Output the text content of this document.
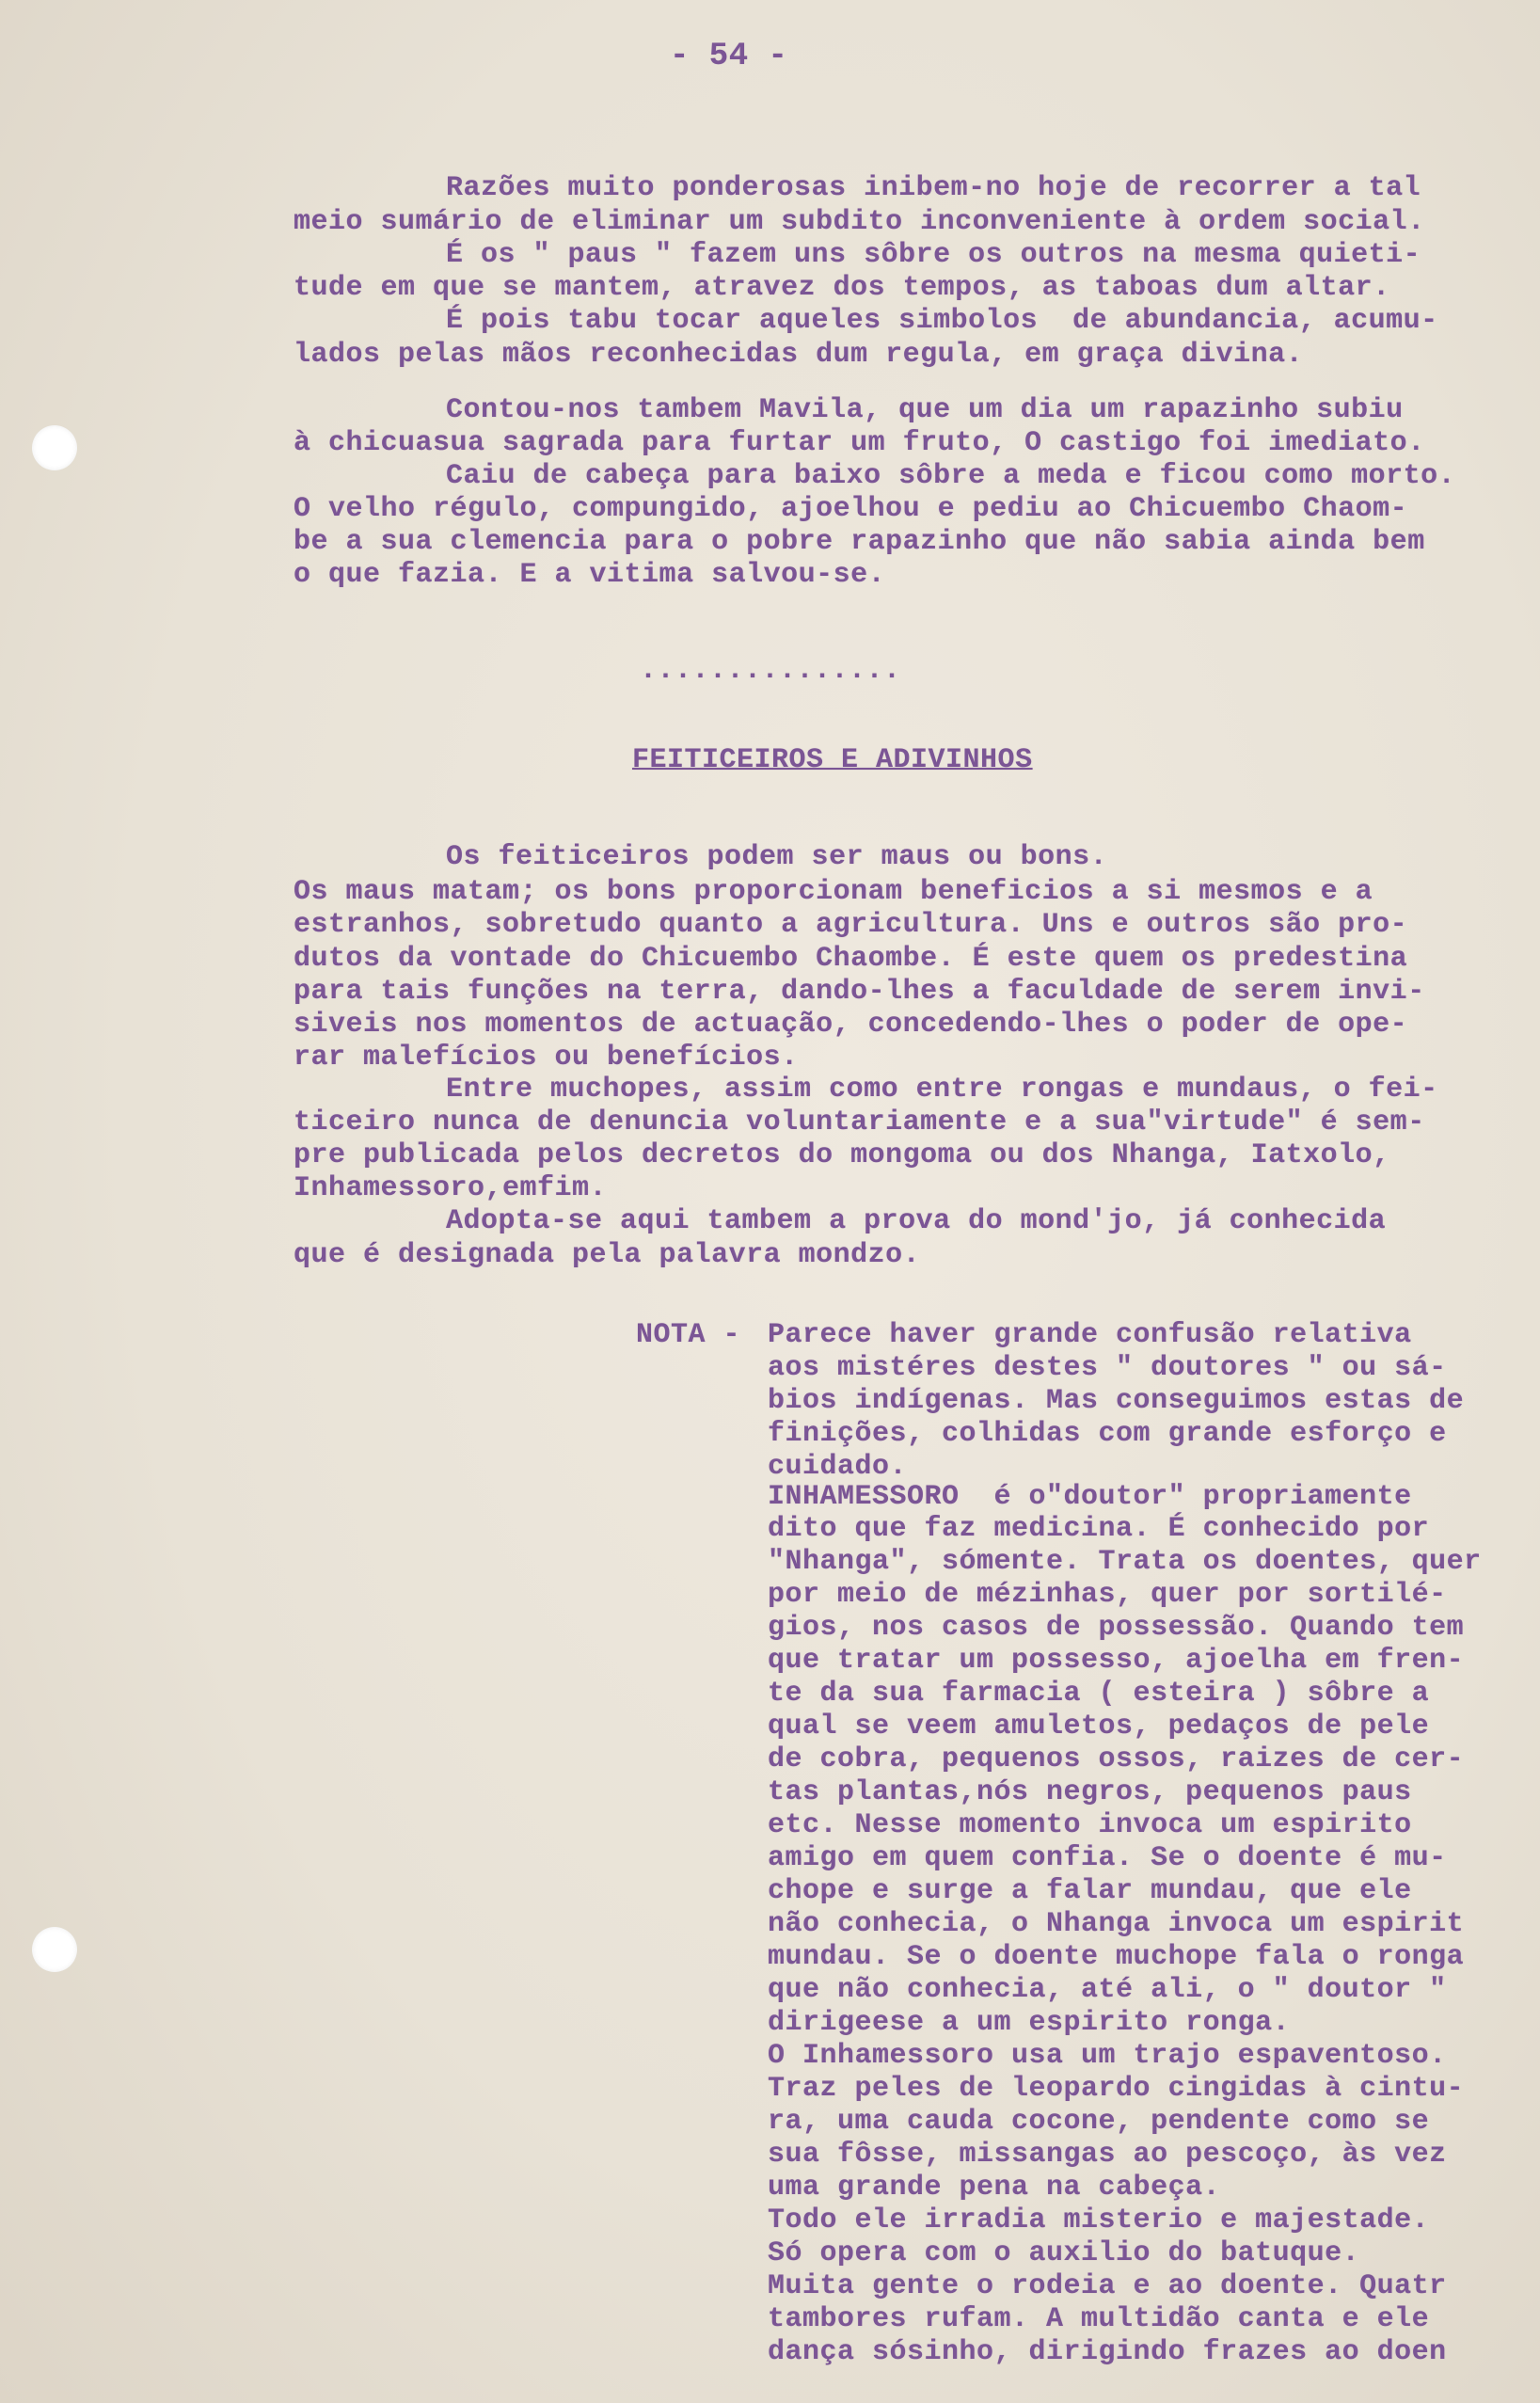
- 54 -
Razões muito ponderosas inibem-no hoje de recorrer a tal
meio sumário de eliminar um subdito inconveniente à ordem social.
É os " paus " fazem uns sôbre os outros na mesma quieti-
tude em que se mantem, atravez dos tempos, as taboas dum altar.
É pois tabu tocar aqueles simbolos  de abundancia, acumu-
lados pelas mãos reconhecidas dum regula, em graça divina.
Contou-nos tambem Mavila, que um dia um rapazinho subiu
à chicuasua sagrada para furtar um fruto, O castigo foi imediato.
Caiu de cabeça para baixo sôbre a meda e ficou como morto.
O velho régulo, compungido, ajoelhou e pediu ao Chicuembo Chaom-
be a sua clemencia para o pobre rapazinho que não sabia ainda bem
o que fazia. E a vitima salvou-se.
...............
FEITICEIROS E ADIVINHOS
Os feiticeiros podem ser maus ou bons.
Os maus matam; os bons proporcionam beneficios a si mesmos e a
estranhos, sobretudo quanto a agricultura. Uns e outros são pro-
dutos da vontade do Chicuembo Chaombe. É este quem os predestina
para tais funções na terra, dando-lhes a faculdade de serem invi-
siveis nos momentos de actuação, concedendo-lhes o poder de ope-
rar malefícios ou benefícios.
Entre muchopes, assim como entre rongas e mundaus, o fei-
ticeiro nunca de denuncia voluntariamente e a sua"virtude" é sem-
pre publicada pelos decretos do mongoma ou dos Nhanga, Iatxolo,
Inhamessoro,emfim.
Adopta-se aqui tambem a prova do mond'jo, já conhecida
que é designada pela palavra mondzo.
NOTA - Parece haver grande confusão relativa
aos mistéres destes " doutores " ou sá-
bios indígenas. Mas conseguimos estas de
finições, colhidas com grande esforço e
cuidado.
INHAMESSORO  é o"doutor" propriamente
dito que faz medicina. É conhecido por
"Nhanga", sómente. Trata os doentes, quer
por meio de mézinhas, quer por sortilé-
gios, nos casos de possessão. Quando tem
que tratar um possesso, ajoelha em fren-
te da sua farmacia ( esteira ) sôbre a
qual se veem amuletos, pedaços de pele
de cobra, pequenos ossos, raizes de cer-
tas plantas,nós negros, pequenos paus
etc. Nesse momento invoca um espirito
amigo em quem confia. Se o doente é mu-
chope e surge a falar mundau, que ele
não conhecia, o Nhanga invoca um espirit
mundau. Se o doente muchope fala o ronga
que não conhecia, até ali, o " doutor "
dirigeese a um espirito ronga.
O Inhamessoro usa um trajo espaventoso.
Traz peles de leopardo cingidas à cintu-
ra, uma cauda cocone, pendente como se
sua fôsse, missangas ao pescoço, às vez
uma grande pena na cabeça.
Todo ele irradia misterio e majestade.
Só opera com o auxilio do batuque.
Muita gente o rodeia e ao doente. Quatr
tambores rufam. A multidão canta e ele
dança sósinho, dirigindo frazes ao doen
